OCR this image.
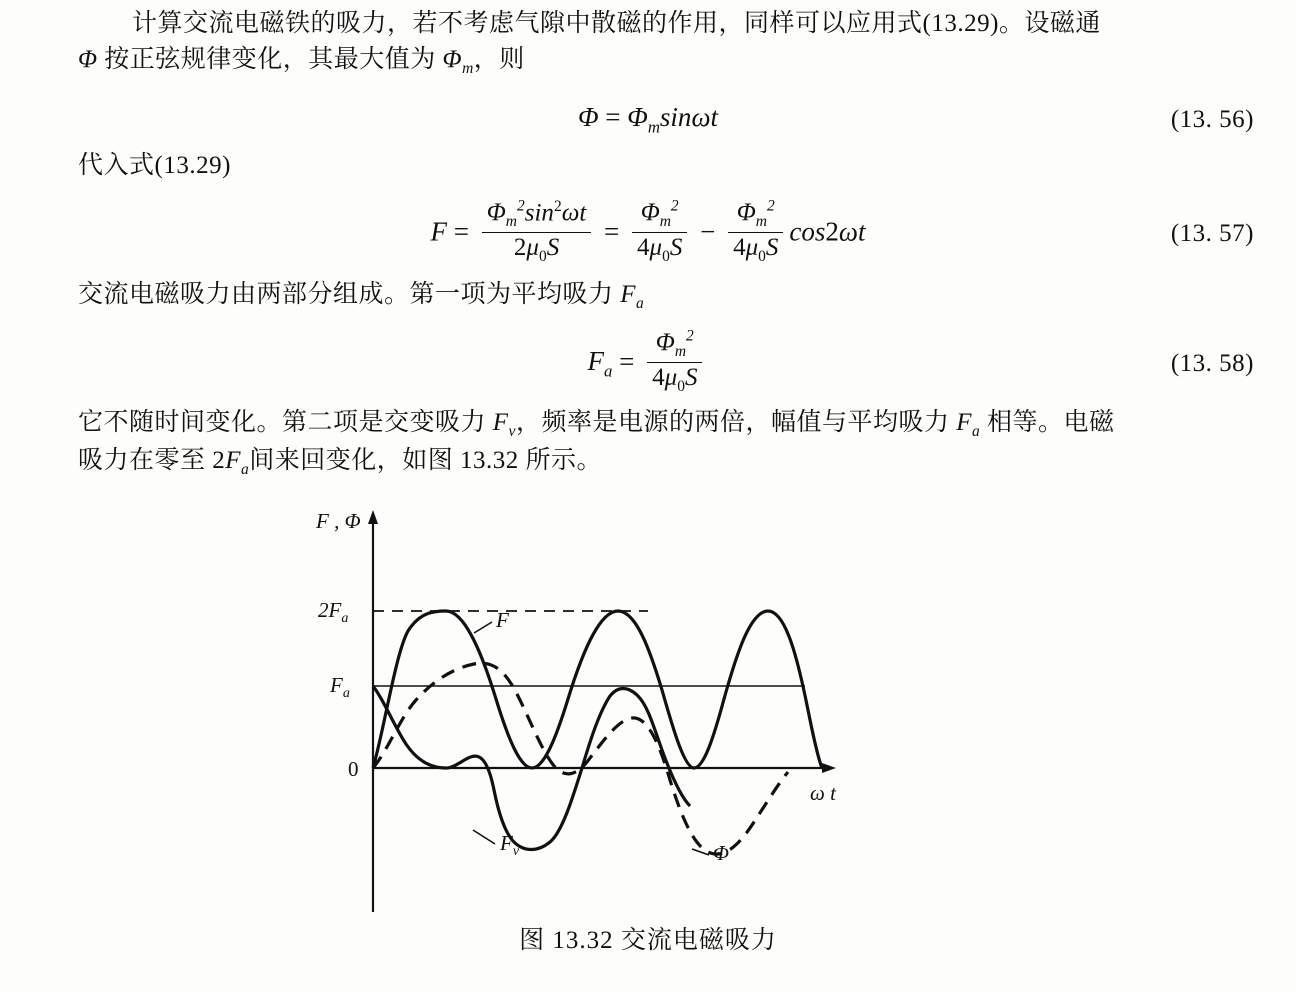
计算交流电磁铁的吸力，若不考虑气隙中散磁的作用，同样可以应用式(13.29)。设磁通
Φ 按正弦规律变化，其最大值为 $\Phi_m$，则
$\Phi = \Phi_m\sin\omega t$	(13. 56)
代入式(13.29)
$F = \frac{\Phi_m^2\sin^2\omega t}{2\mu_0S} = \frac{\Phi_m^2}{4\mu_0S} - \frac{\Phi_m^2}{4\mu_0S} \cos 2\omega t$	(13. 57)
交流电磁吸力由两部分组成。第一项为平均吸力 $F_a$
$F_a = \frac{\Phi_m^2}{4\mu_0S}$	(13. 58)
它不随时间变化。第二项是交变吸力 $F_v$，频率是电源的两倍，幅值与平均吸力 $F_a$ 相等。电磁
吸力在零至 $2F_a$间来回变化，如图 13.32 所示。
F , Φ
0
$F_a$
$2F_a$
ω t
F
$F_v$	Φ
图 13.32 交流电磁吸力
